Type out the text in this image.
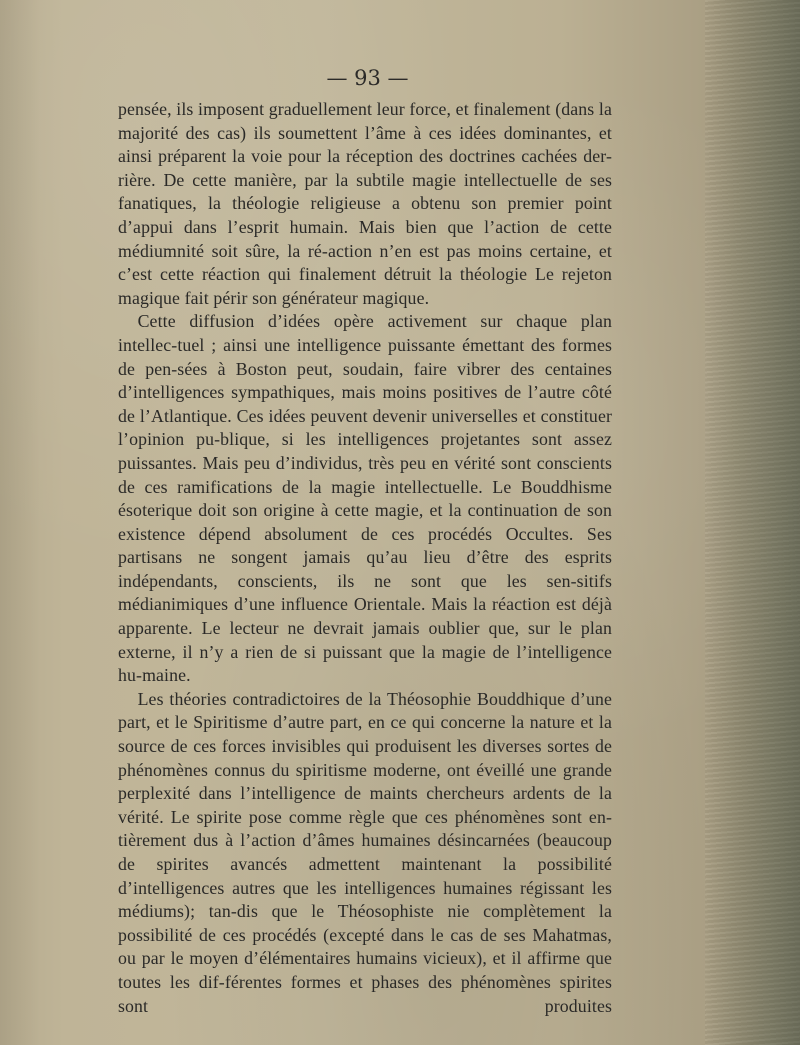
— 93 —

pensée, ils imposent graduellement leur force, et finalement (dans la majorité des cas) ils soumettent l’âme à ces idées dominantes, et ainsi préparent la voie pour la réception des doctrines cachées der-rière. De cette manière, par la subtile magie intellectuelle de ses fanatiques, la théologie religieuse a obtenu son premier point d’appui dans l’esprit humain. Mais bien que l’action de cette médiumnité soit sûre, la ré-action n’en est pas moins certaine, et c’est cette réaction qui finalement détruit la théologie Le rejeton magique fait périr son générateur magique.

Cette diffusion d’idées opère activement sur chaque plan intellec-tuel ; ainsi une intelligence puissante émettant des formes de pen-sées à Boston peut, soudain, faire vibrer des centaines d’intelligences sympathiques, mais moins positives de l’autre côté de l’Atlantique. Ces idées peuvent devenir universelles et constituer l’opinion pu-blique, si les intelligences projetantes sont assez puissantes. Mais peu d’individus, très peu en vérité sont conscients de ces ramifications de la magie intellectuelle. Le Bouddhisme ésoterique doit son origine à cette magie, et la continuation de son existence dépend absolument de ces procédés Occultes. Ses partisans ne songent jamais qu’au lieu d’être des esprits indépendants, conscients, ils ne sont que les sen-sitifs médianimiques d’une influence Orientale. Mais la réaction est déjà apparente. Le lecteur ne devrait jamais oublier que, sur le plan externe, il n’y a rien de si puissant que la magie de l’intelligence hu-maine.

Les théories contradictoires de la Théosophie Bouddhique d’une part, et le Spiritisme d’autre part, en ce qui concerne la nature et la source de ces forces invisibles qui produisent les diverses sortes de phénomènes connus du spiritisme moderne, ont éveillé une grande perplexité dans l’intelligence de maints chercheurs ardents de la vérité. Le spirite pose comme règle que ces phénomènes sont en-tièrement dus à l’action d’âmes humaines désincarnées (beaucoup de spirites avancés admettent maintenant la possibilité d’intelligences autres que les intelligences humaines régissant les médiums); tan-dis que le Théosophiste nie complètement la possibilité de ces procédés (excepté dans le cas de ses Mahatmas, ou par le moyen d’élémentaires humains vicieux), et il affirme que toutes les dif-férentes formes et phases des phénomènes spirites sont produites
